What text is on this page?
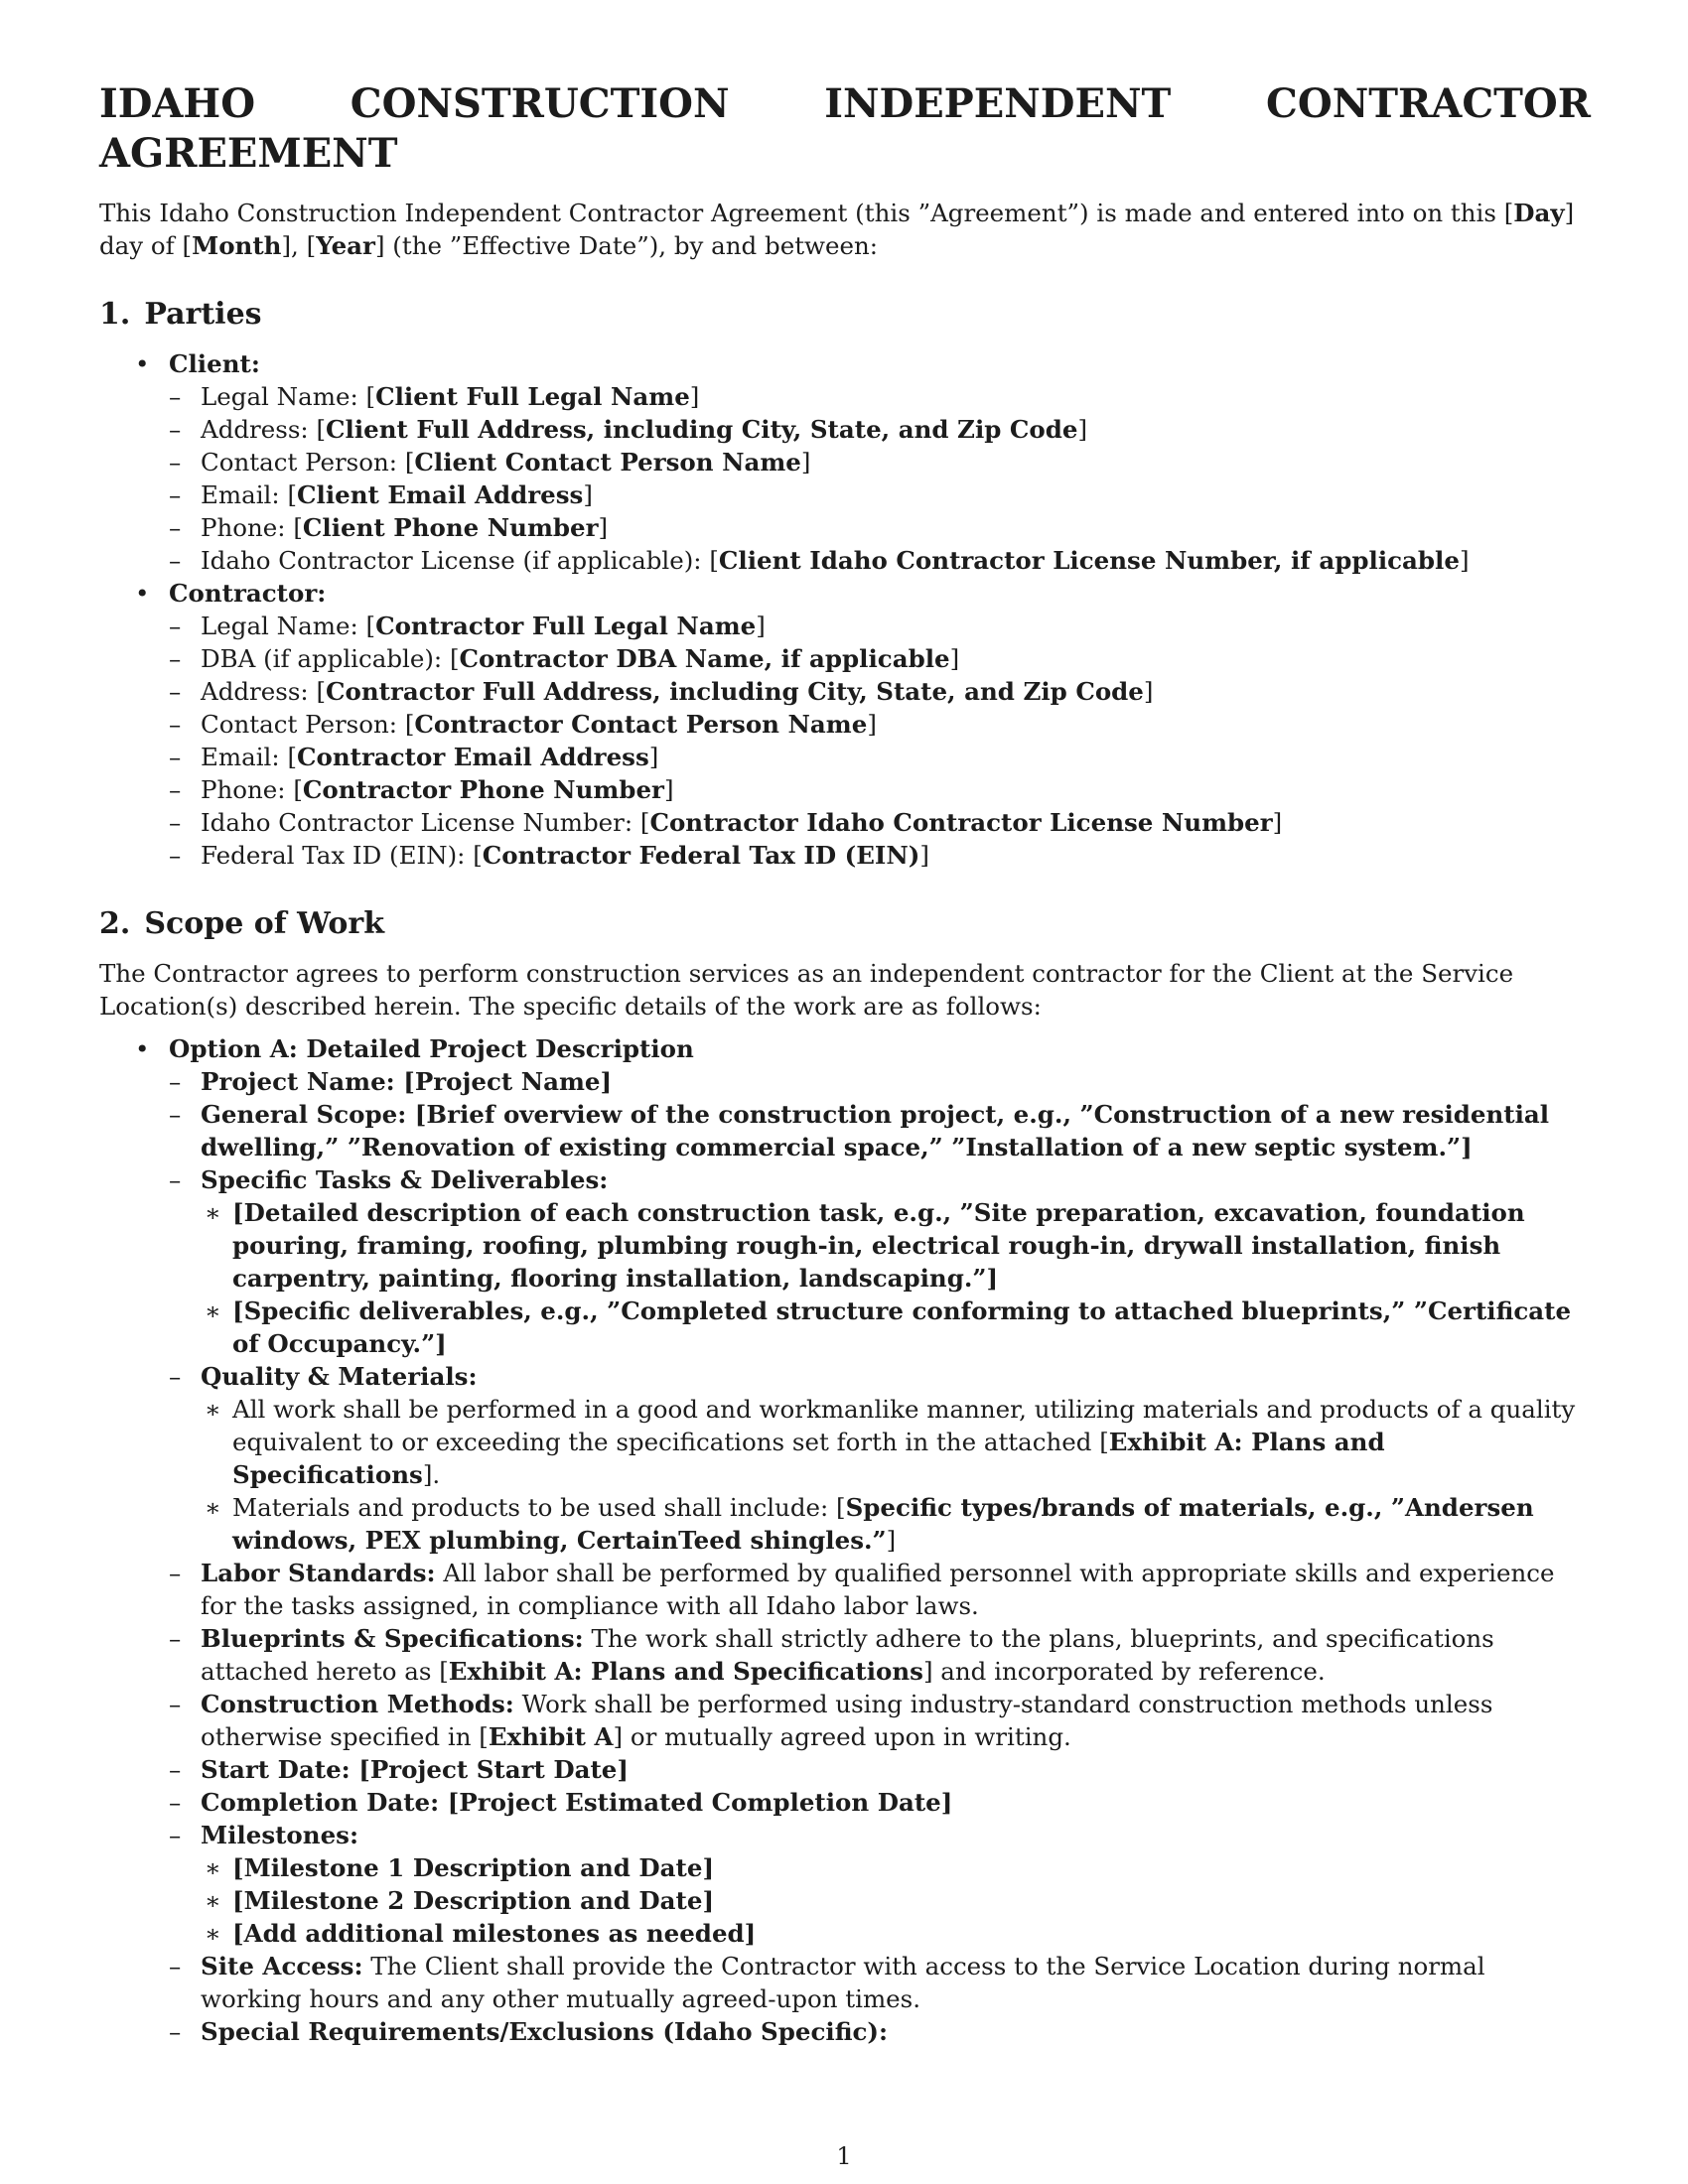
IDAHO CONSTRUCTION INDEPENDENT CONTRACTOR AGREEMENT

This Idaho Construction Independent Contractor Agreement (this ”Agreement”) is made and entered into on this [Day] day of [Month], [Year] (the ”Effective Date”), by and between:

1. Parties
• Client:
– Legal Name: [Client Full Legal Name]
– Address: [Client Full Address, including City, State, and Zip Code]
– Contact Person: [Client Contact Person Name]
– Email: [Client Email Address]
– Phone: [Client Phone Number]
– Idaho Contractor License (if applicable): [Client Idaho Contractor License Number, if applicable]
• Contractor:
– Legal Name: [Contractor Full Legal Name]
– DBA (if applicable): [Contractor DBA Name, if applicable]
– Address: [Contractor Full Address, including City, State, and Zip Code]
– Contact Person: [Contractor Contact Person Name]
– Email: [Contractor Email Address]
– Phone: [Contractor Phone Number]
– Idaho Contractor License Number: [Contractor Idaho Contractor License Number]
– Federal Tax ID (EIN): [Contractor Federal Tax ID (EIN)]
2. Scope of Work

The Contractor agrees to perform construction services as an independent contractor for the Client at the Service Location(s) described herein. The specific details of the work are as follows:

• Option A: Detailed Project Description
– Project Name: [Project Name]
– General Scope: [Brief overview of the construction project, e.g., ”Construction of a new residential dwelling,” ”Renovation of existing commercial space,” ”Installation of a new septic system.”]
– Specific Tasks & Deliverables:
∗ [Detailed description of each construction task, e.g., ”Site preparation, excavation, foundation pouring, framing, roofing, plumbing rough-in, electrical rough-in, drywall installation, finish carpentry, painting, flooring installation, landscaping.”]
∗ [Specific deliverables, e.g., ”Completed structure conforming to attached blueprints,” ”Certificate of Occupancy.”]
– Quality & Materials:
∗ All work shall be performed in a good and workmanlike manner, utilizing materials and products of a quality equivalent to or exceeding the specifications set forth in the attached [Exhibit A: Plans and Specifications].
∗ Materials and products to be used shall include: [Specific types/brands of materials, e.g., ”Andersen windows, PEX plumbing, CertainTeed shingles.”]
– Labor Standards: All labor shall be performed by qualified personnel with appropriate skills and experience for the tasks assigned, in compliance with all Idaho labor laws.
– Blueprints & Specifications: The work shall strictly adhere to the plans, blueprints, and specifications attached hereto as [Exhibit A: Plans and Specifications] and incorporated by reference.
– Construction Methods: Work shall be performed using industry-standard construction methods unless otherwise specified in [Exhibit A] or mutually agreed upon in writing.
– Start Date: [Project Start Date]
– Completion Date: [Project Estimated Completion Date]
– Milestones:
∗ [Milestone 1 Description and Date]
∗ [Milestone 2 Description and Date]
∗ [Add additional milestones as needed]
– Site Access: The Client shall provide the Contractor with access to the Service Location during normal working hours and any other mutually agreed-upon times.
– Special Requirements/Exclusions (Idaho Specific):
1
